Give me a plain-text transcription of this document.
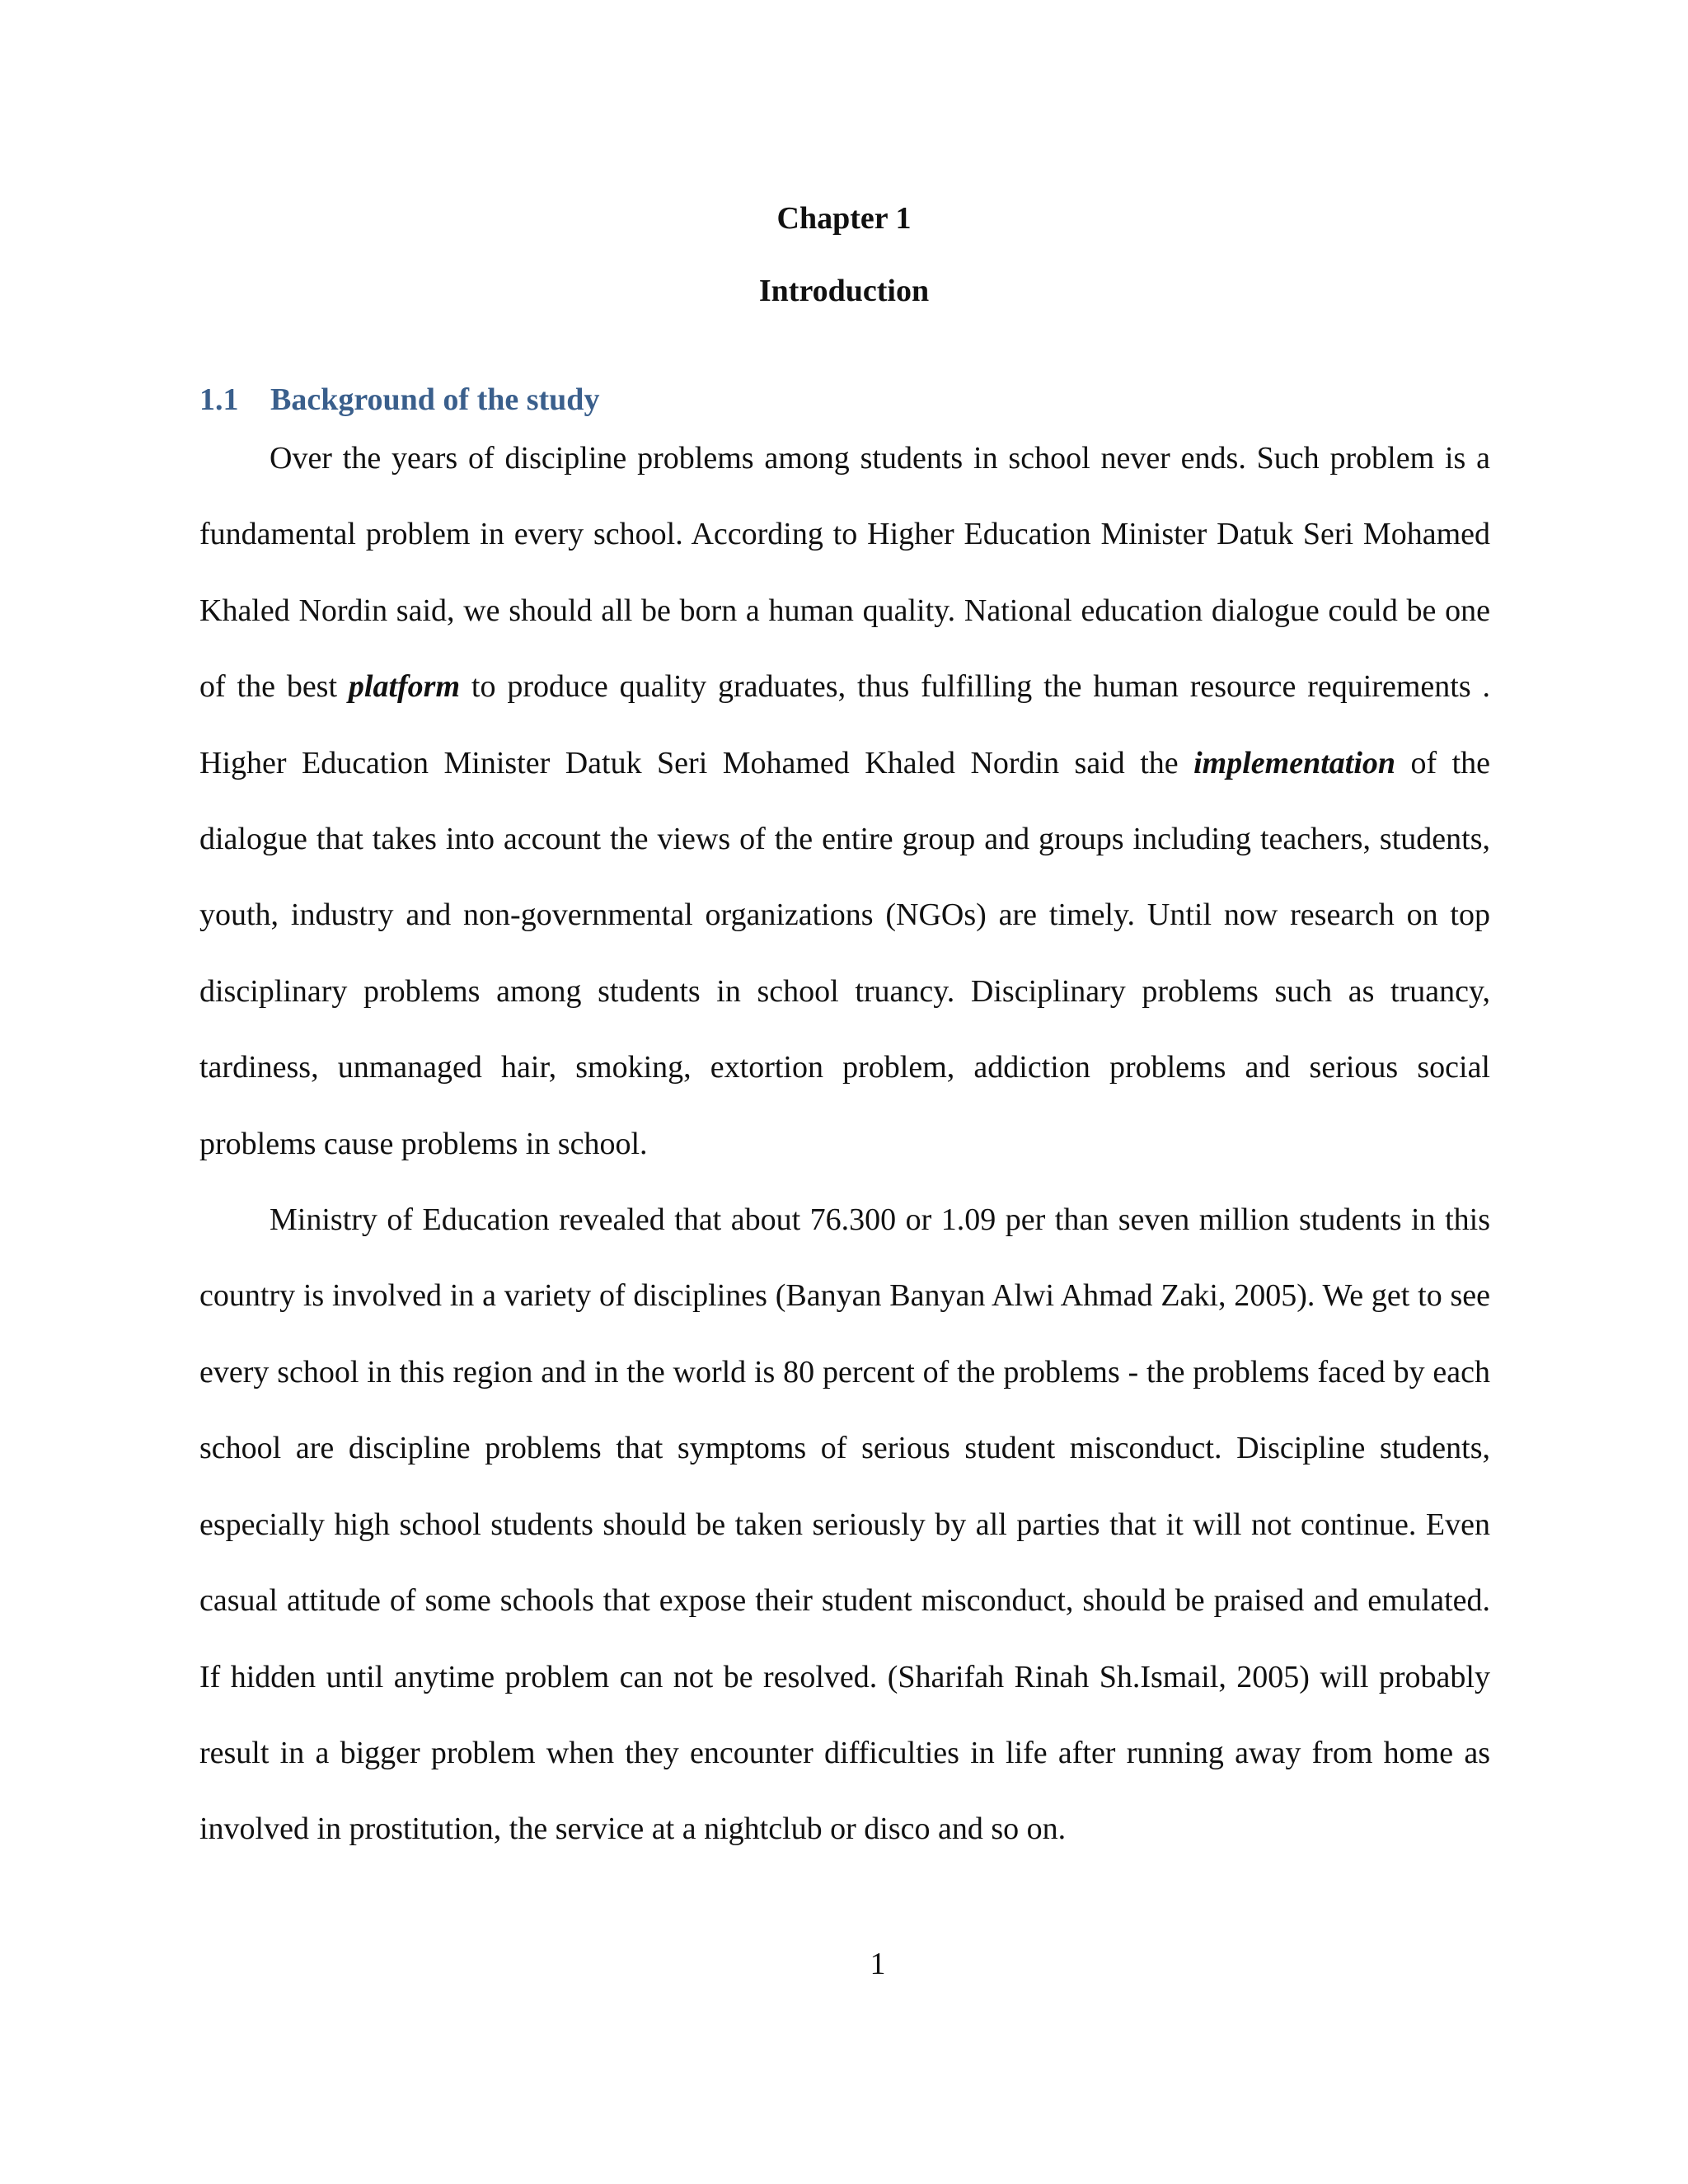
Chapter 1
Introduction
1.1 Background of the study

Over the years of discipline problems among students in school never ends. Such problem is a fundamental problem in every school. According to Higher Education Minister Datuk Seri Mohamed Khaled Nordin said, we should all be born a human quality. National education dialogue could be one of the best platform to produce quality graduates, thus fulfilling the human resource requirements . Higher Education Minister Datuk Seri Mohamed Khaled Nordin said the implementation of the dialogue that takes into account the views of the entire group and groups including teachers, students, youth, industry and non-governmental organizations (NGOs) are timely. Until now research on top disciplinary problems among students in school truancy. Disciplinary problems such as truancy, tardiness, unmanaged hair, smoking, extortion problem, addiction problems and serious social problems cause problems in school.

Ministry of Education revealed that about 76.300 or 1.09 per than seven million students in this country is involved in a variety of disciplines (Banyan Banyan Alwi Ahmad Zaki, 2005). We get to see every school in this region and in the world is 80 percent of the problems - the problems faced by each school are discipline problems that symptoms of serious student misconduct. Discipline students, especially high school students should be taken seriously by all parties that it will not continue. Even casual attitude of some schools that expose their student misconduct, should be praised and emulated. If hidden until anytime problem can not be resolved. (Sharifah Rinah Sh.Ismail, 2005) will probably result in a bigger problem when they encounter difficulties in life after running away from home as involved in prostitution, the service at a nightclub or disco and so on.

1
